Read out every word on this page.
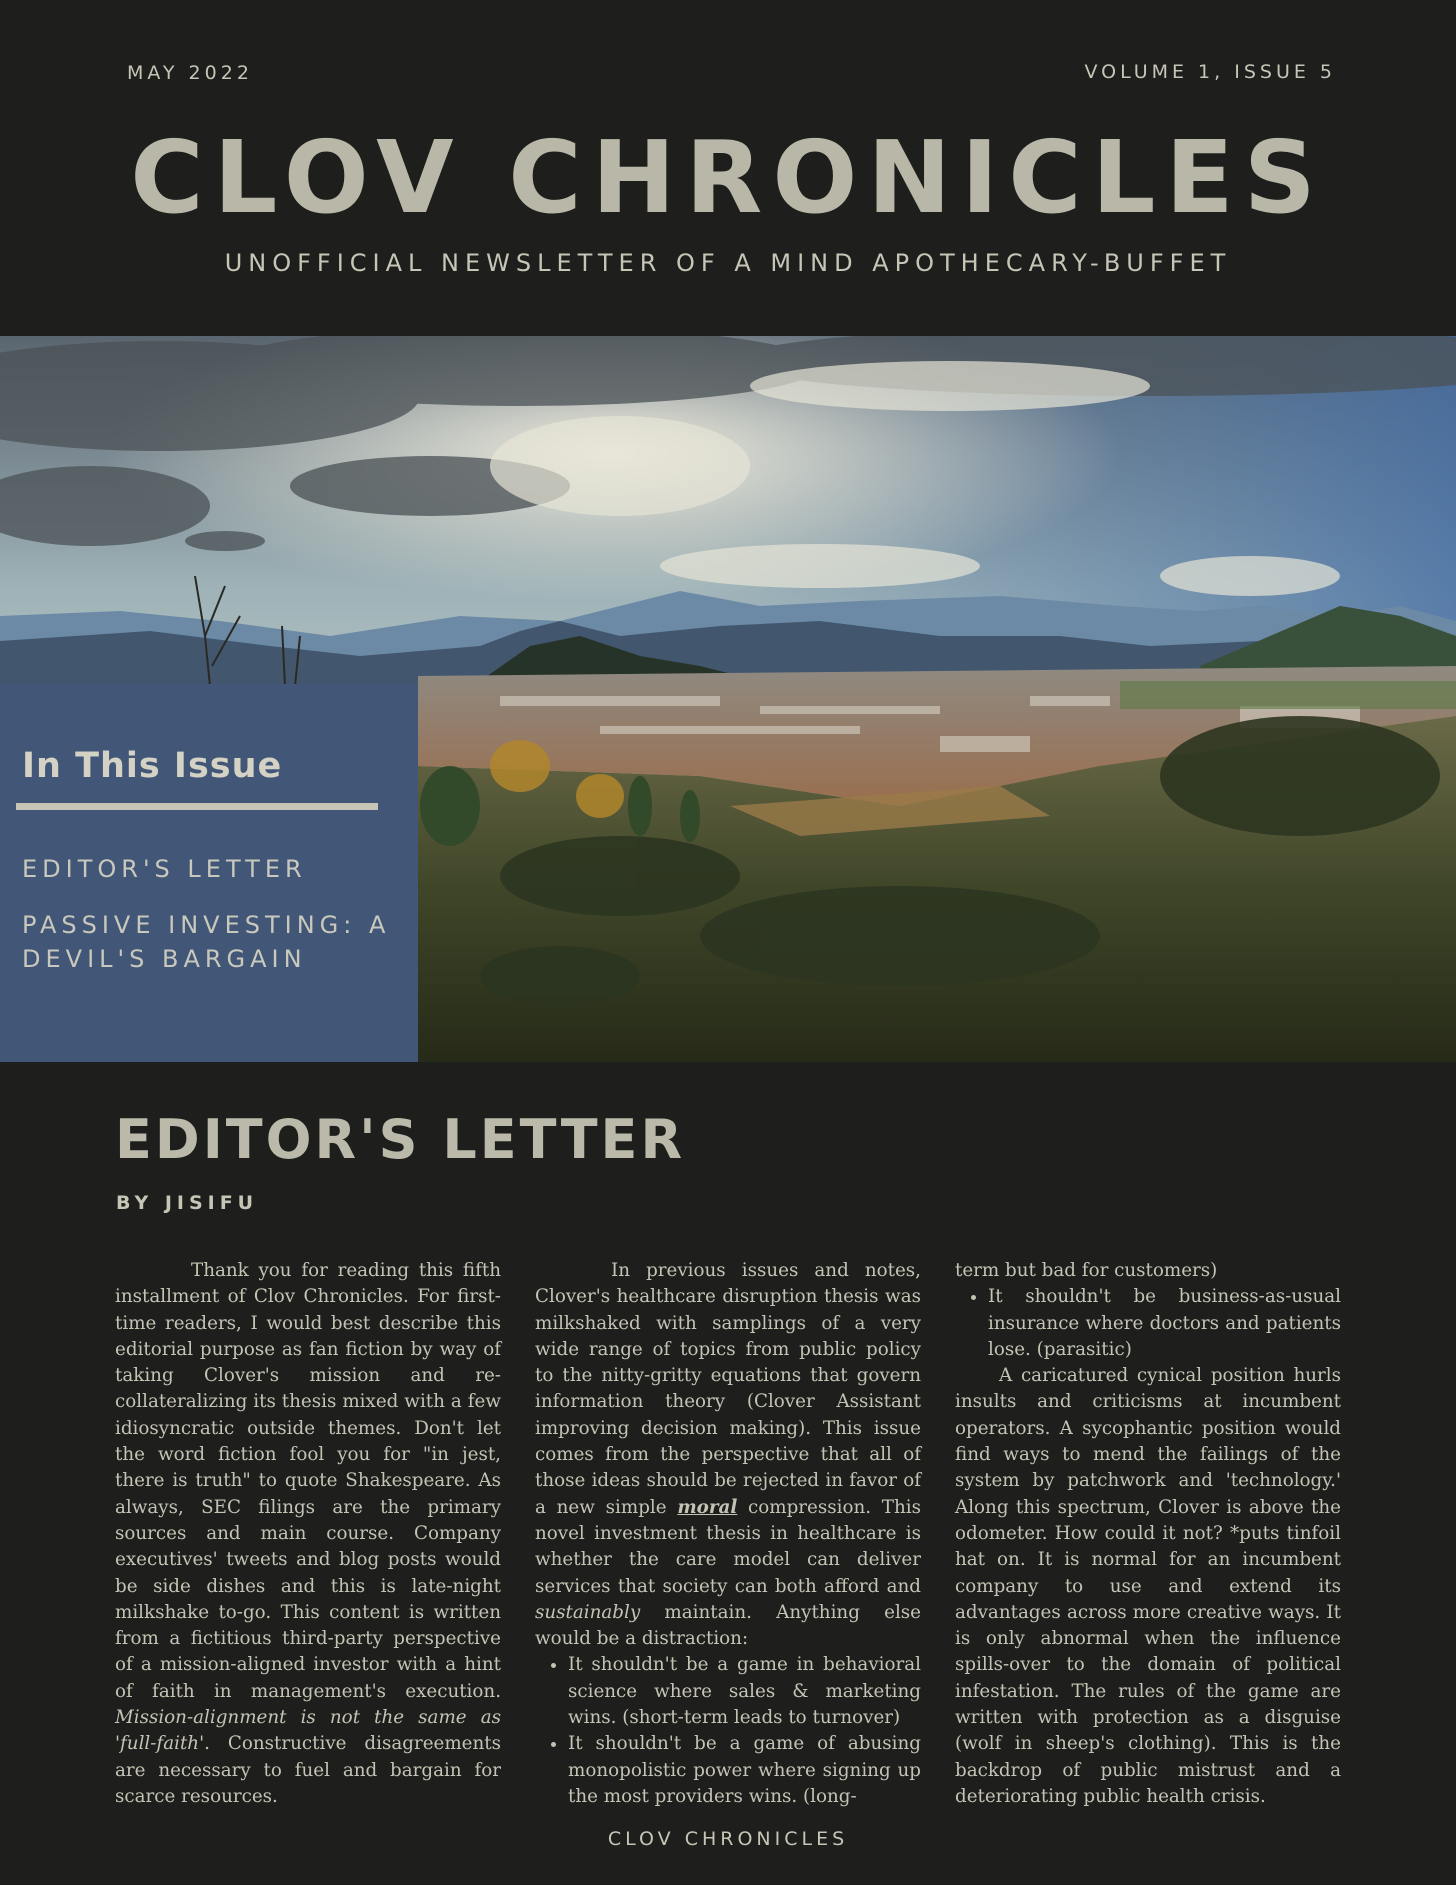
MAY 2022	VOLUME 1, ISSUE 5
CLOV CHRONICLES
UNOFFICIAL NEWSLETTER OF A MIND APOTHECARY-BUFFET
In This Issue
EDITOR'S LETTER
PASSIVE INVESTING: A DEVIL'S BARGAIN
EDITOR'S LETTER
BY JISIFU

Thank you for reading this fifth installment of Clov Chronicles. For first-time readers, I would best describe this editorial purpose as fan fiction by way of taking Clover's mission and re-collateralizing its thesis mixed with a few idiosyncratic outside themes. Don't let the word fiction fool you for "in jest, there is truth" to quote Shakespeare. As always, SEC filings are the primary sources and main course. Company executives' tweets and blog posts would be side dishes and this is late-night milkshake to-go. This content is written from a fictitious third-party perspective of a mission-aligned investor with a hint of faith in management's execution. Mission-alignment is not the same as 'full-faith'. Constructive disagreements are necessary to fuel and bargain for scarce resources.

In previous issues and notes, Clover's healthcare disruption thesis was milkshaked with samplings of a very wide range of topics from public policy to the nitty-gritty equations that govern information theory (Clover Assistant improving decision making). This issue comes from the perspective that all of those ideas should be rejected in favor of a new simple moral compression. This novel investment thesis in healthcare is whether the care model can deliver services that society can both afford and sustainably maintain. Anything else would be a distraction:

• It shouldn't be a game in behavioral science where sales & marketing wins. (short-term leads to turnover)
• It shouldn't be a game of abusing monopolistic power where signing up the most providers wins. (long-

term but bad for customers)

• It shouldn't be business-as-usual insurance where doctors and patients lose. (parasitic)

A caricatured cynical position hurls insults and criticisms at incumbent operators. A sycophantic position would find ways to mend the failings of the system by patchwork and 'technology.' Along this spectrum, Clover is above the odometer. How could it not? *puts tinfoil hat on. It is normal for an incumbent company to use and extend its advantages across more creative ways. It is only abnormal when the influence spills-over to the domain of political infestation. The rules of the game are written with protection as a disguise (wolf in sheep's clothing). This is the backdrop of public mistrust and a deteriorating public health crisis.

CLOV CHRONICLES
